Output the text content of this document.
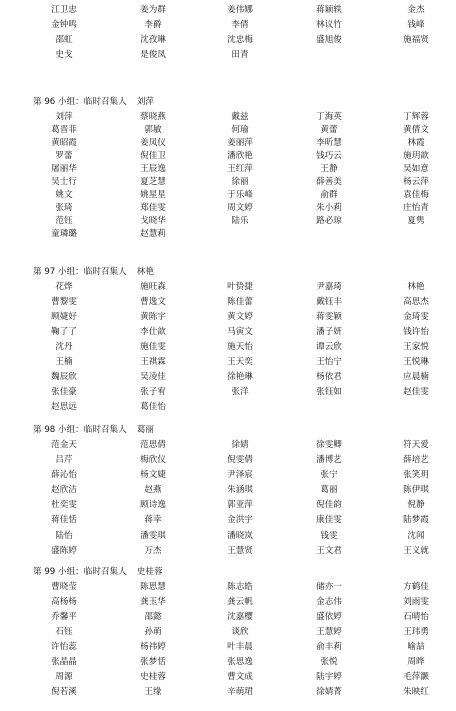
江卫忠	姜为群	姜伟娜	蒋颖轶	金杰
金钟鸣	李爵	李倩	林议竹	钱峰
邵虹	沈孜琳	沈忠梅	盛旭俊	施福贤
史戈	是俊凤	田青
第 96 小组：临时召集人 刘萍
刘萍	蔡晓燕	戴兹	丁海英	丁辉蓉
葛晋菲	郭敏	何瑜	黄蕾	黄倩文
黄昭霞	姜凤仪	姜丽萍	李昕慧	林霞
罗蕾	倪佳卫	潘欣艳	钱巧云	施玥歆
屠丽华	王辰逸	王红萍	王静	吴如意
吴士行	夏芝慧	徐丽	薛善美	杨云萍
姚文	姚星星	于乐峰	俞群	袁佳梅
张琦	郑佳雯	周文婷	朱小莉	庄怡青
范钰	戈晓华	陆乐	路必琼	夏隽
童璘璐	赵慧莉
第 97 小组：临时召集人 林艳
花烨	施旺森	叶贽捷	尹嘉琦	林艳
曹黎雯	曹逸文	陈佳蕾	戴钰丰	高思杰
顾婕好	黄陈宇	黄文婷	蒋雯颖	金琦雯
鞠了了	李仕歆	马寅文	潘子妍	钱许怡
沈丹	施佳雯	施天怡	谭云欣	王家悦
王楠	王祺霖	王天奕	王怡宁	王悦琳
魏辰欣	吴凌佳	徐艳琳	杨依君	应晨楠
张佳豪	张子宥	张洋	张钰如	赵佳雯
赵思远	葛佳怡
第 98 小组：临时召集人 葛丽
范金天	范思倩	徐婧	徐雯卿	符天爱
吕芹	梅欣仪	倪雯倩	潘博艺	薛培艺
薛沁怡	杨文婕	尹泽宸	张宁	张笑玥
赵欣洁	赵燕	朱涵琪	葛丽	陈伊琪
杜奕雯	顾诗逸	郭亚萍	倪佳韵	倪静
蒋佳恬	蒋幸	金洪宇	康佳雯	陆梦霞
陆怡	潘雯琪	潘晓岚	钱雯	沈闻
盛陈婷	万杰	王慧贤	王文君	王义就
第 99 小组：临时召集人 史桂蓉
曹晓莹	陈思慧	陈志皓	储亦一	方鹤佳
高杨杨	龚玉华	龚云帆	金志伟	刘雨雯
乔馨平	邵懿	沈嘉樱	盛依婷	石晴怡
石钰	孙萌	谈欣	王慧婷	王玮勇
许怡蕊	杨祎婷	叶丰晨	俞丰莉	喻喆
张晶晶	张梦恬	张思逸	张悦	周晔
周源	史桂蓉	曹文成	陆宇婷	毛萍灏
倪若溪	王缘	辛萌珺	徐婧菁	朱映红
